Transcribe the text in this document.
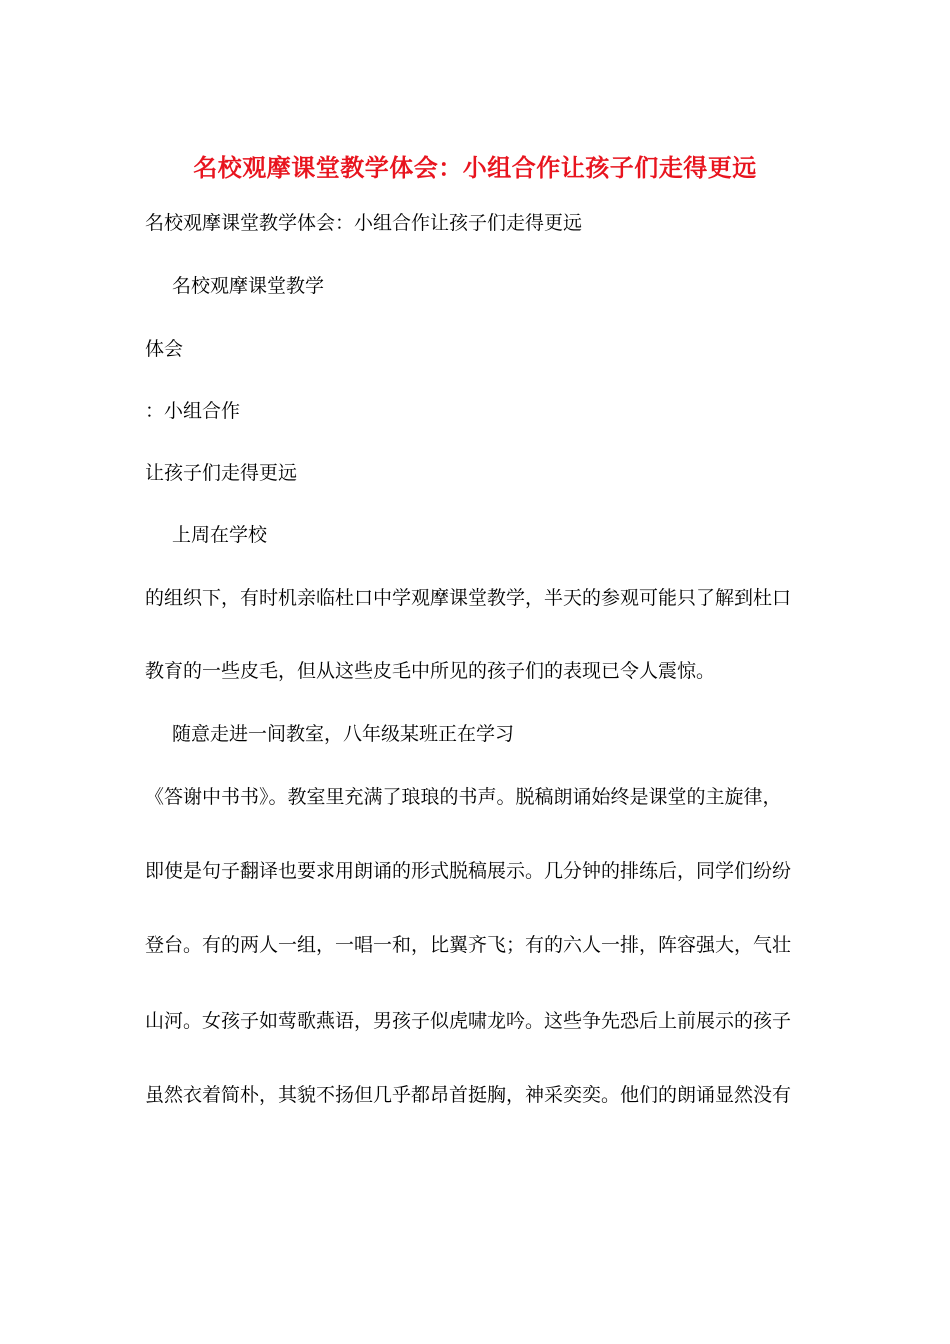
名校观摩课堂教学体会：小组合作让孩子们走得更远
名校观摩课堂教学体会：小组合作让孩子们走得更远
名校观摩课堂教学
体会
：小组合作
让孩子们走得更远
上周在学校
的组织下，有时机亲临杜口中学观摩课堂教学，半天的参观可能只了解到杜口
教育的一些皮毛，但从这些皮毛中所见的孩子们的表现已令人震惊。
随意走进一间教室，八年级某班正在学习
《答谢中书书》。教室里充满了琅琅的书声。脱稿朗诵始终是课堂的主旋律，
即使是句子翻译也要求用朗诵的形式脱稿展示。几分钟的排练后，同学们纷纷
登台。有的两人一组，一唱一和，比翼齐飞；有的六人一排，阵容强大，气壮
山河。女孩子如莺歌燕语，男孩子似虎啸龙吟。这些争先恐后上前展示的孩子
虽然衣着简朴，其貌不扬但几乎都昂首挺胸，神采奕奕。他们的朗诵显然没有
